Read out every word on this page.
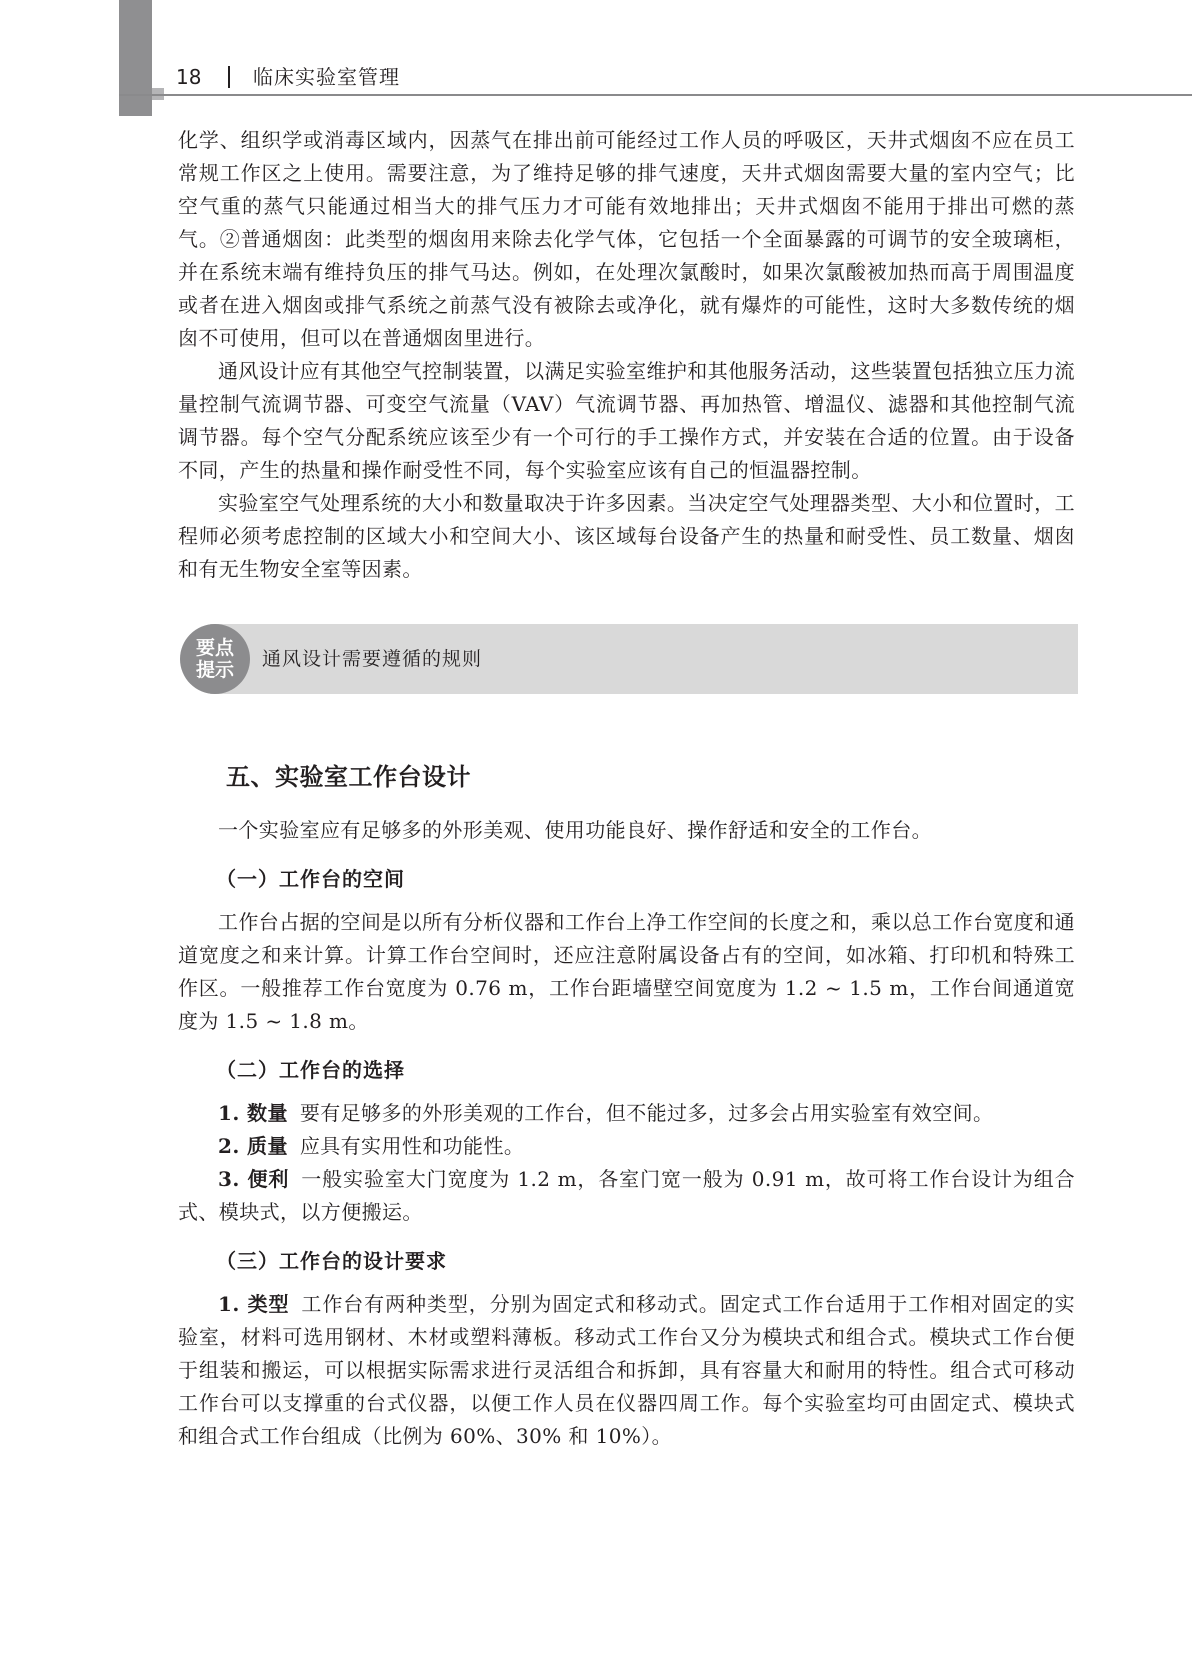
18	临床实验室管理

化学、组织学或消毒区域内，因蒸气在排出前可能经过工作人员的呼吸区，天井式烟囱不应在员工常规工作区之上使用。需要注意，为了维持足够的排气速度，天井式烟囱需要大量的室内空气；比空气重的蒸气只能通过相当大的排气压力才可能有效地排出；天井式烟囱不能用于排出可燃的蒸气。②普通烟囱：此类型的烟囱用来除去化学气体，它包括一个全面暴露的可调节的安全玻璃柜，并在系统末端有维持负压的排气马达。例如，在处理次氯酸时，如果次氯酸被加热而高于周围温度或者在进入烟囱或排气系统之前蒸气没有被除去或净化，就有爆炸的可能性，这时大多数传统的烟囱不可使用，但可以在普通烟囱里进行。

通风设计应有其他空气控制装置，以满足实验室维护和其他服务活动，这些装置包括独立压力流量控制气流调节器、可变空气流量（VAV）气流调节器、再加热管、增温仪、滤器和其他控制气流调节器。每个空气分配系统应该至少有一个可行的手工操作方式，并安装在合适的位置。由于设备不同，产生的热量和操作耐受性不同，每个实验室应该有自己的恒温器控制。

实验室空气处理系统的大小和数量取决于许多因素。当决定空气处理器类型、大小和位置时，工程师必须考虑控制的区域大小和空间大小、该区域每台设备产生的热量和耐受性、员工数量、烟囱和有无生物安全室等因素。

要点提示	通风设计需要遵循的规则
五、实验室工作台设计

一个实验室应有足够多的外形美观、使用功能良好、操作舒适和安全的工作台。

（一）工作台的空间

工作台占据的空间是以所有分析仪器和工作台上净工作空间的长度之和，乘以总工作台宽度和通道宽度之和来计算。计算工作台空间时，还应注意附属设备占有的空间，如冰箱、打印机和特殊工作区。一般推荐工作台宽度为 0.76 m，工作台距墙壁空间宽度为 1.2 ~ 1.5 m，工作台间通道宽度为 1.5 ~ 1.8 m。

（二）工作台的选择

1. 数量 要有足够多的外形美观的工作台，但不能过多，过多会占用实验室有效空间。

2. 质量 应具有实用性和功能性。

3. 便利 一般实验室大门宽度为 1.2 m，各室门宽一般为 0.91 m，故可将工作台设计为组合式、模块式，以方便搬运。

（三）工作台的设计要求

1. 类型 工作台有两种类型，分别为固定式和移动式。固定式工作台适用于工作相对固定的实验室，材料可选用钢材、木材或塑料薄板。移动式工作台又分为模块式和组合式。模块式工作台便于组装和搬运，可以根据实际需求进行灵活组合和拆卸，具有容量大和耐用的特性。组合式可移动工作台可以支撑重的台式仪器，以便工作人员在仪器四周工作。每个实验室均可由固定式、模块式和组合式工作台组成（比例为 60%、30% 和 10%）。
